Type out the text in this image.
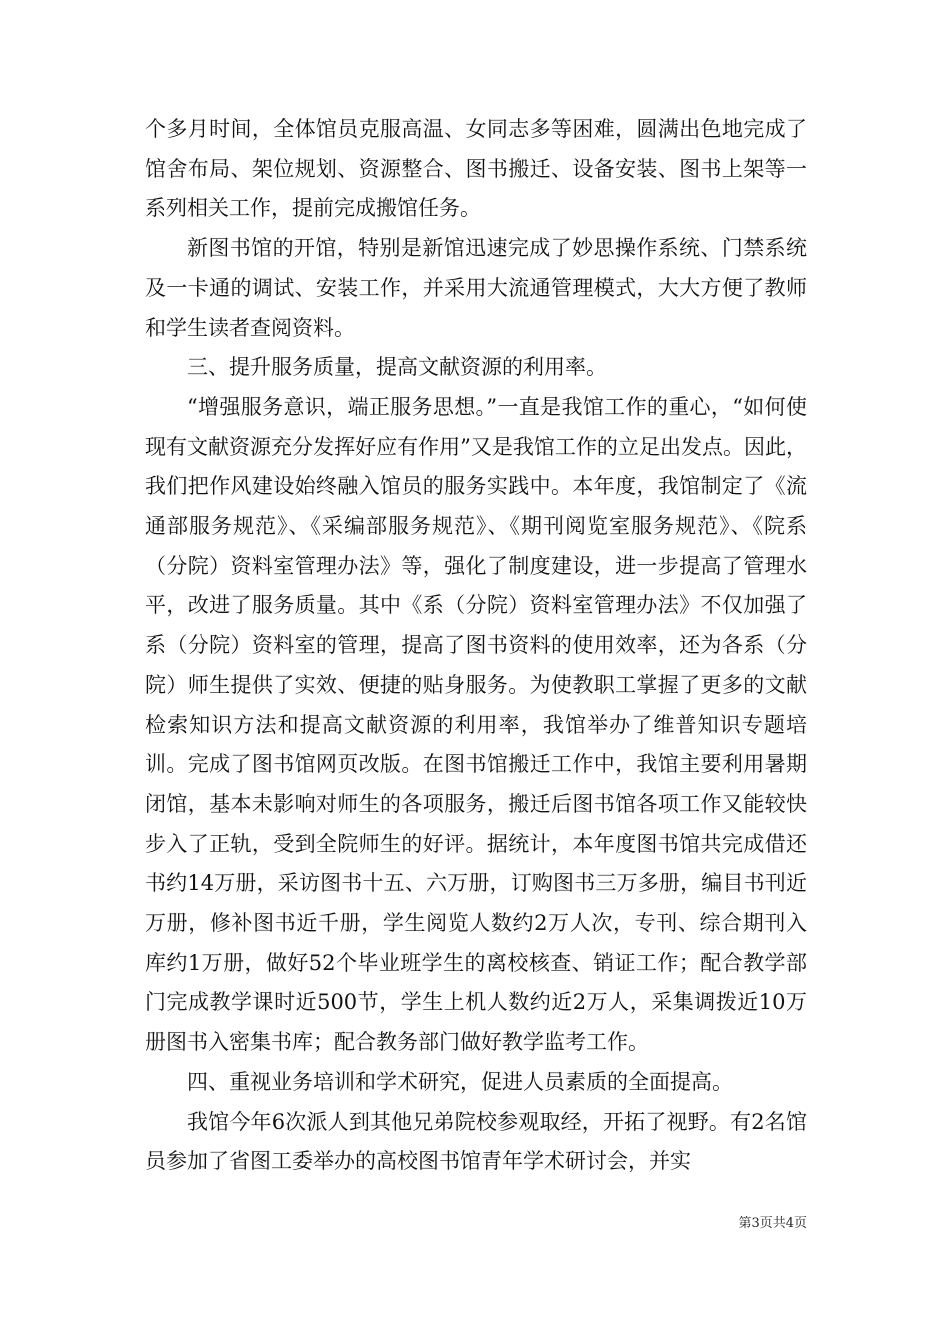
个多月时间，全体馆员克服高温、女同志多等困难，圆满出色地完成了馆舍布局、架位规划、资源整合、图书搬迁、设备安装、图书上架等一系列相关工作，提前完成搬馆任务。

新图书馆的开馆，特别是新馆迅速完成了妙思操作系统、门禁系统及一卡通的调试、安装工作，并采用大流通管理模式，大大方便了教师和学生读者查阅资料。

三、提升服务质量，提高文献资源的利用率。

“增强服务意识，端正服务思想。”一直是我馆工作的重心，“如何使现有文献资源充分发挥好应有作用”又是我馆工作的立足出发点。因此，我们把作风建设始终融入馆员的服务实践中。本年度，我馆制定了《流通部服务规范》、《采编部服务规范》、《期刊阅览室服务规范》、《院系（分院）资料室管理办法》等，强化了制度建设，进一步提高了管理水平，改进了服务质量。其中《系（分院）资料室管理办法》不仅加强了系（分院）资料室的管理，提高了图书资料的使用效率，还为各系（分院）师生提供了实效、便捷的贴身服务。为使教职工掌握了更多的文献检索知识方法和提高文献资源的利用率，我馆举办了维普知识专题培训。完成了图书馆网页改版。在图书馆搬迁工作中，我馆主要利用暑期闭馆，基本未影响对师生的各项服务，搬迁后图书馆各项工作又能较快步入了正轨，受到全院师生的好评。据统计，本年度图书馆共完成借还书约14万册，采访图书十五、六万册，订购图书三万多册，编目书刊近万册，修补图书近千册，学生阅览人数约2万人次，专刊、综合期刊入库约1万册，做好52个毕业班学生的离校核查、销证工作；配合教学部门完成教学课时近500节，学生上机人数约近2万人，采集调拨近10万册图书入密集书库；配合教务部门做好教学监考工作。

四、重视业务培训和学术研究，促进人员素质的全面提高。

我馆今年6次派人到其他兄弟院校参观取经，开拓了视野。有2名馆员参加了省图工委举办的高校图书馆青年学术研讨会，并实

第3页共4页
